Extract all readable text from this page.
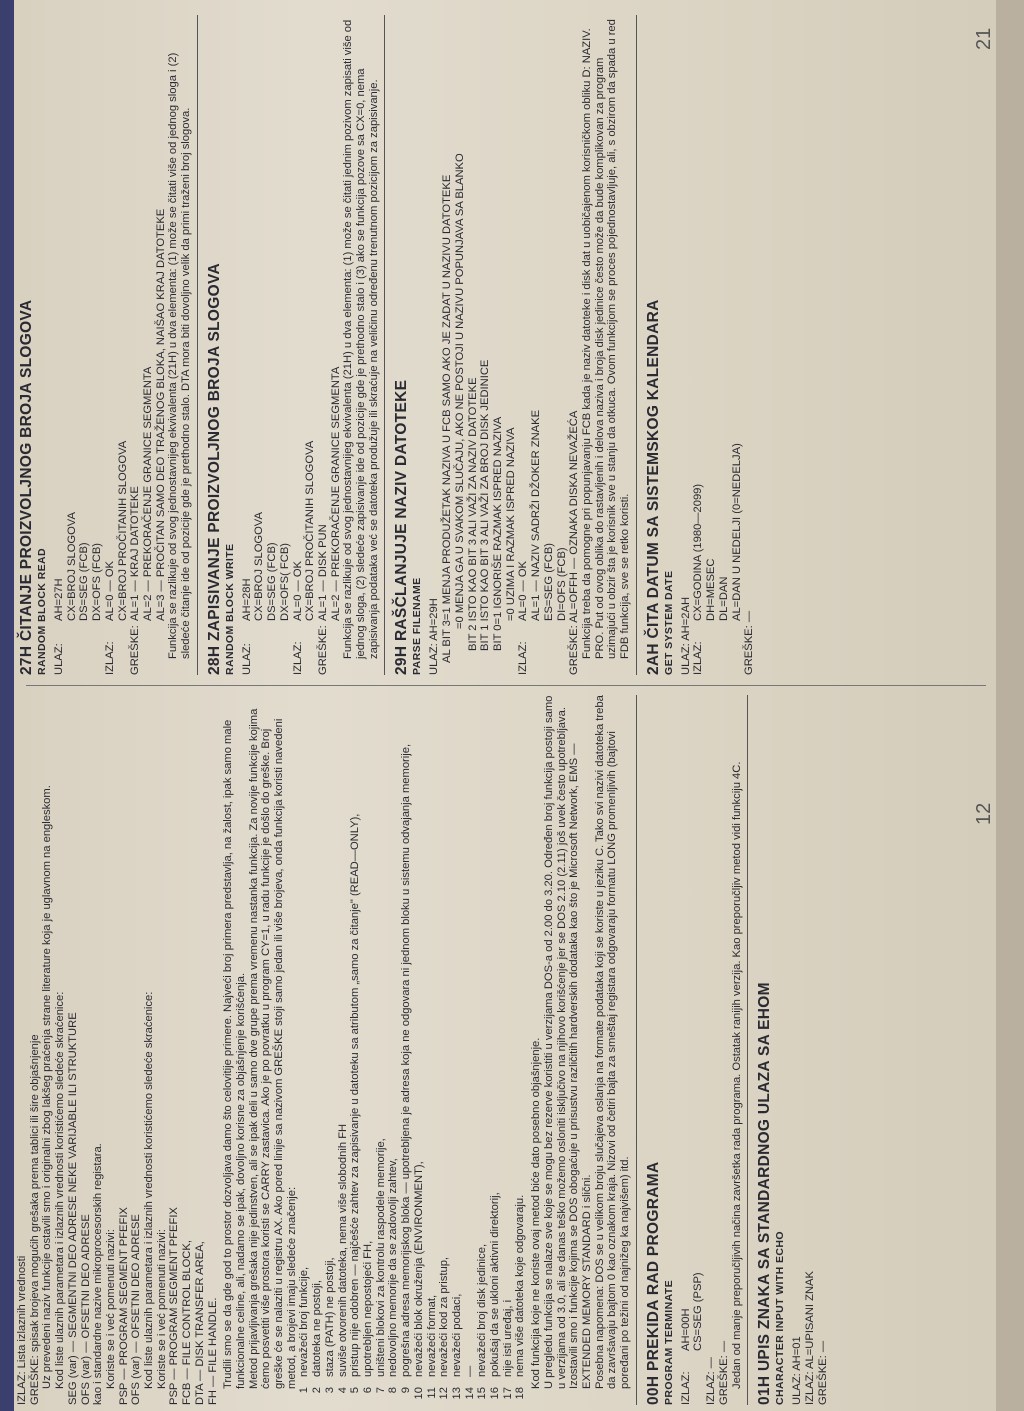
IZLAZ: Lista izlaznih vrednosti GREŠKE: spisak brojeva mogućih grešaka prema tablici ili šire objašnjenje Uz prevedeni naziv funkcije ostavili smo i originalni zbog lakšeg praćenja strane literature koja je uglavnom na engleskom. Kod liste ulaznih parametara i izlaznih vrednosti koristićemo sledeće skraćenice: SEG (var) — SEGMENTNI DEO ADRESE NEKE VARIJABLE ILI STRUKTURE OFS (var) — OFSETNI DEO ADRESE kao i standardne nazive mikroprocesorskih registara. Koriste se i već pomenuti nazivi: PSP — PROGRAM SEGMENT PFEFIX OFS (var) — OFSETNI DEO ADRESE Kod liste ulaznih parametara i izlaznih vrednosti koristićemo sledeće skraćenice: Koriste se i već pomenuti nazivi: PSP — PROGRAM SEGMENT PFEFIX FCB — FILE CONTROL BLOCK, DTA — DISK TRANSFER AREA, FH — FILE HANDLE. Trudili smo se da gde god to prostor dozvoljava damo što celovitije primere. Najveći broj primera predstavlja, na žalost, ipak samo male funkcionalne celine, ali, nadamo se ipak, dovoljno korisne za objašnjenje korišćenja. Metod prijavljivanja grešaka nije jedinstven, ali se ipak deli u samo dve grupe prema vremenu nastanka funkcija. Za novije funkcije kojima ćemo posvetiti više prostora koristi se CARRY zastavica. Ako je po povratku u program CY=1, u radu funkcije je došlo do greške. Broj greške će se nalaziti u registru AX. Ako pored linije sa nazivom GREŠKE stoji samo jedan ili više brojeva, onda funkcija koristi navedeni metod, a brojevi imaju sledeće značenje:

1
nevažeći broj funkcije,
2
datoteka ne postoji,
3
staza (PATH) ne postoji,
4
suviše otvorenih datoteka, nema više slobodnih FH
5
pristup nije odobren — najčešće zahtev za zapisivanje u datoteku sa atributom „samo za čitanje" (READ—ONLY),
6
upotrebljen nepostojeći FH,
7
uništeni blokovi za kontrolu raspodele memorije,
8
nedovoljno memorije da se zadovolji zahtev,
9
pogrešna adresa memorijskog bloka — upotrebljena je adresa koja ne odgovara ni jednom bloku u sistemu odvajanja memorije,
10
nevažeći blok okruženja (ENVIRONMENT),
11
nevažeći format,
12
nevažeći kod za pristup,
13
nevažeći podaci,
14
—
15
nevažeći broj disk jedinice,
16
pokušaj da se ukloni aktivni direktorij,
17
nije isti uređaj, i
18
nema više datoteka koje odgovaraju. Kod funkcija koje ne koriste ovaj metod biće dato posebno objašnjenje. U pregledu funkcija se nalaze sve koje se mogu bez rezerve koristiti u verzijama DOS-a od 2.00 do 3.20. Određen broj funkcija postoji samo u verzijama od 3.0, ali se danas teško možemo osloniti isključivo na njihovo korišćenje jer se DOS 2.10 (2.11) još uvek često upotrebljava. Izostavili smo i funkcije kojima se DOS obogaćuje u prisustvu različitih hardverskih dodataka kao što je Microsoft Network, EMS — EXTENDED MEMORY STANDARD i slični. Posebna napomena: DOS se u velikom broju slučajeva oslanja na formate podataka koji se koriste u jeziku C. Tako svi nazivi datoteka treba da završavaju bajtom 0 kao oznakom kraja. Nizovi od četiri bajta za smeštaj registara odgovaraju formatu LONG promenljivih (bajtovi poređani po težini od najnižeg ka najvišem) itd. 00H PREKIDA RAD PROGRAMA PROGRAM TERMINATE IZLAZ:

AH=00H CS=SEG (PSP)

IZLAZ: — GREŠKE: — Jedan od manje preporučljivih načina završetka rada programa. Ostatak ranijih verzija. Kao preporučljiv metod vidi funkciju 4C. 01H UPIS ZNAKA SA STANDARDNOG ULAZA SA EHOM CHARACTER INPUT WITH ECHO ULAZ: AH=01 IZLAZ: AL=UPISANI ZNAK GREŠKE: —

27H ČITANJE PROIZVOLJNOG BROJA SLOGOVA RANDOM BLOCK READ ULAZ:

AH=27H CX=BROJ SLOGOVA DS=SEG (FCB) DX=OFS (FCB)

IZLAZ:

AL=0 — OK CX=BROJ PROČITANIH SLOGOVA

GREŠKE:

AL=1 — KRAJ DATOTEKE AL=2 — PREKORAČENJE GRANICE SEGMENTA AL=3 — PROČITAN SAMO DEO TRAŽENOG BLOKA, NAIŠAO KRAJ DATOTEKE Funkcija se razlikuje od svog jednostavnijeg ekvivalenta (21H) u dva elementa: (1) može se čitati više od jednog sloga i (2) sledeće čitanje ide od pozicije gde je prethodno stalo. DTA mora biti dovoljno velik da primi traženi broj slogova. 28H ZAPISIVANJE PROIZVOLJNOG BROJA SLOGOVA RANDOM BLOCK WRITE ULAZ:

AH=28H CX=BROJ SLOGOVA DS=SEG (FCB) DX=OFS( FCB)

IZLAZ:

AL=0 — OK CX=BROJ PROČITANIH SLOGOVA

GREŠKE:

AL=1 — DISK PUN AL=2 — PREKORAČENJE GRANICE SEGMENTA Funkcija se razlikuje od svog jednostavnijeg ekvivalenta (21H) u dva elementa: (1) može se čitati jednim pozivom zapisati više od jednog sloga, (2) sledeće zapisivanje ide od pozicije gde je prethodno stalo i (3) ako se funkcija pozove sa CX=0, nema zapisivanja podataka već se datoteka produžuje ili skraćuje na veličinu određenu trenutnom pozicijom za zapisivanje. 29H RAŠČLANJUJE NAZIV DATOTEKE PARSE FILENAME ULAZ: AH=29H AL BIT 3=1 MENJA PRODUŽETAK NAZIVA U FCB SAMO AKO JE ZADAT U NAZIVU DATOTEKE =0 MENJA GA U SVAKOM SLUČAJU, AKO NE POSTOJI U NAZIVU POPUNJAVA SA BLANKO BIT 2 ISTO KAO BIT 3 ALI VAŽI ZA NAZIV DATOTEKE BIT 1 ISTO KAO BIT 3 ALI VAŽI ZA BROJ DISK JEDINICE BIT 0=1 IGNORIŠE RAZMAK ISPRED NAZIVA =0 UZIMA I RAZMAK ISPRED NAZIVA

IZLAZ:

AL=0 — OK AL=1 — NAZIV SADRŽI DŽOKER ZNAKE ES=SEG (FCB) DI=OFS (FCB) GREŠKE: AL=OFFH — OZNAKA DISKA NEVAŽEĆA Funkcija treba da pomogne pri popunjavanju FCB kada je naziv datoteke i disk dat u uobičajenom korisničkom obliku D: NAZIV. PRO. Put od ovog oblika do rastavljenih i delova naziva i broja disk jedinice često može da bude komplikovan za program uzimajući u obzir šta je korisnik sve u stanju da otkuca. Ovom funkcijom se proces pojednostavljuje, ali, s obzirom da spada u red FDB funkcija, sve se retko koristi. 2AH ČITA DATUM SA SISTEMSKOG KALENDARA GET SYSTEM DATE ULAZ: AH=2AH IZLAZ:

CX=GODINA (1980—2099) DH=MESEC DL=DAN AL=DAN U NEDELJI (0=NEDELJA)

GREŠKE: —

12
21
